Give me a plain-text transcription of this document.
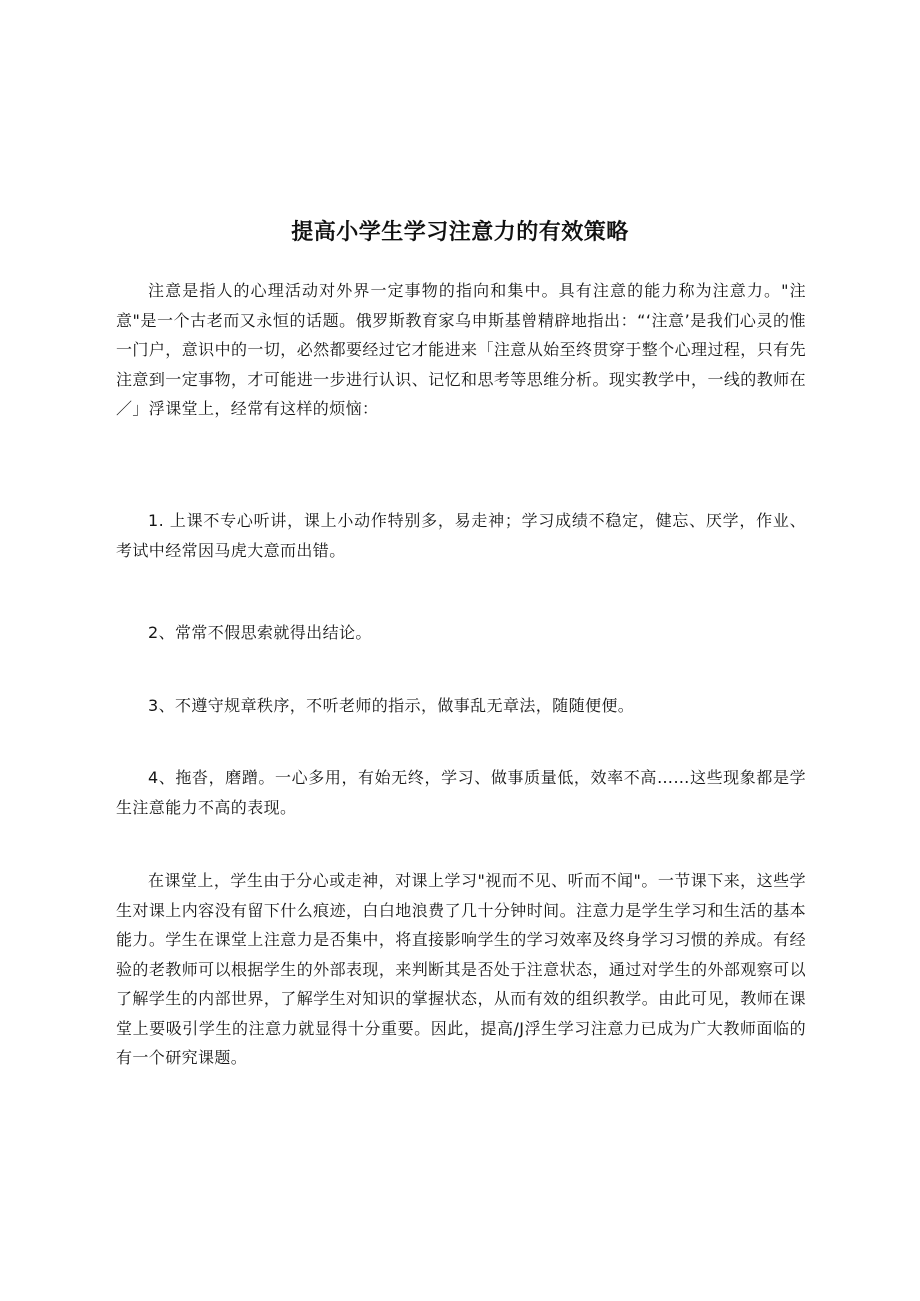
提高小学生学习注意力的有效策略

注意是指人的心理活动对外界一定事物的指向和集中。具有注意的能力称为注意力。"注意"是一个古老而又永恒的话题。俄罗斯教育家乌申斯基曾精辟地指出：“‘注意’是我们心灵的惟一门户，意识中的一切，必然都要经过它才能进来「注意从始至终贯穿于整个心理过程，只有先注意到一定事物，才可能进一步进行认识、记忆和思考等思维分析。现实教学中，一线的教师在／」浮课堂上，经常有这样的烦恼：

1. 上课不专心听讲，课上小动作特别多，易走神；学习成绩不稳定，健忘、厌学，作业、考试中经常因马虎大意而出错。

2、常常不假思索就得出结论。

3、不遵守规章秩序，不听老师的指示，做事乱无章法，随随便便。

4、拖沓，磨蹭。一心多用，有始无终，学习、做事质量低，效率不高……这些现象都是学生注意能力不高的表现。

在课堂上，学生由于分心或走神，对课上学习"视而不见、听而不闻"。一节课下来，这些学生对课上内容没有留下什么痕迹，白白地浪费了几十分钟时间。注意力是学生学习和生活的基本能力。学生在课堂上注意力是否集中，将直接影响学生的学习效率及终身学习习惯的养成。有经验的老教师可以根据学生的外部表现，来判断其是否处于注意状态，通过对学生的外部观察可以了解学生的内部世界，了解学生对知识的掌握状态，从而有效的组织教学。由此可见，教师在课堂上要吸引学生的注意力就显得十分重要。因此，提高/J浮生学习注意力已成为广大教师面临的有一个研究课题。
